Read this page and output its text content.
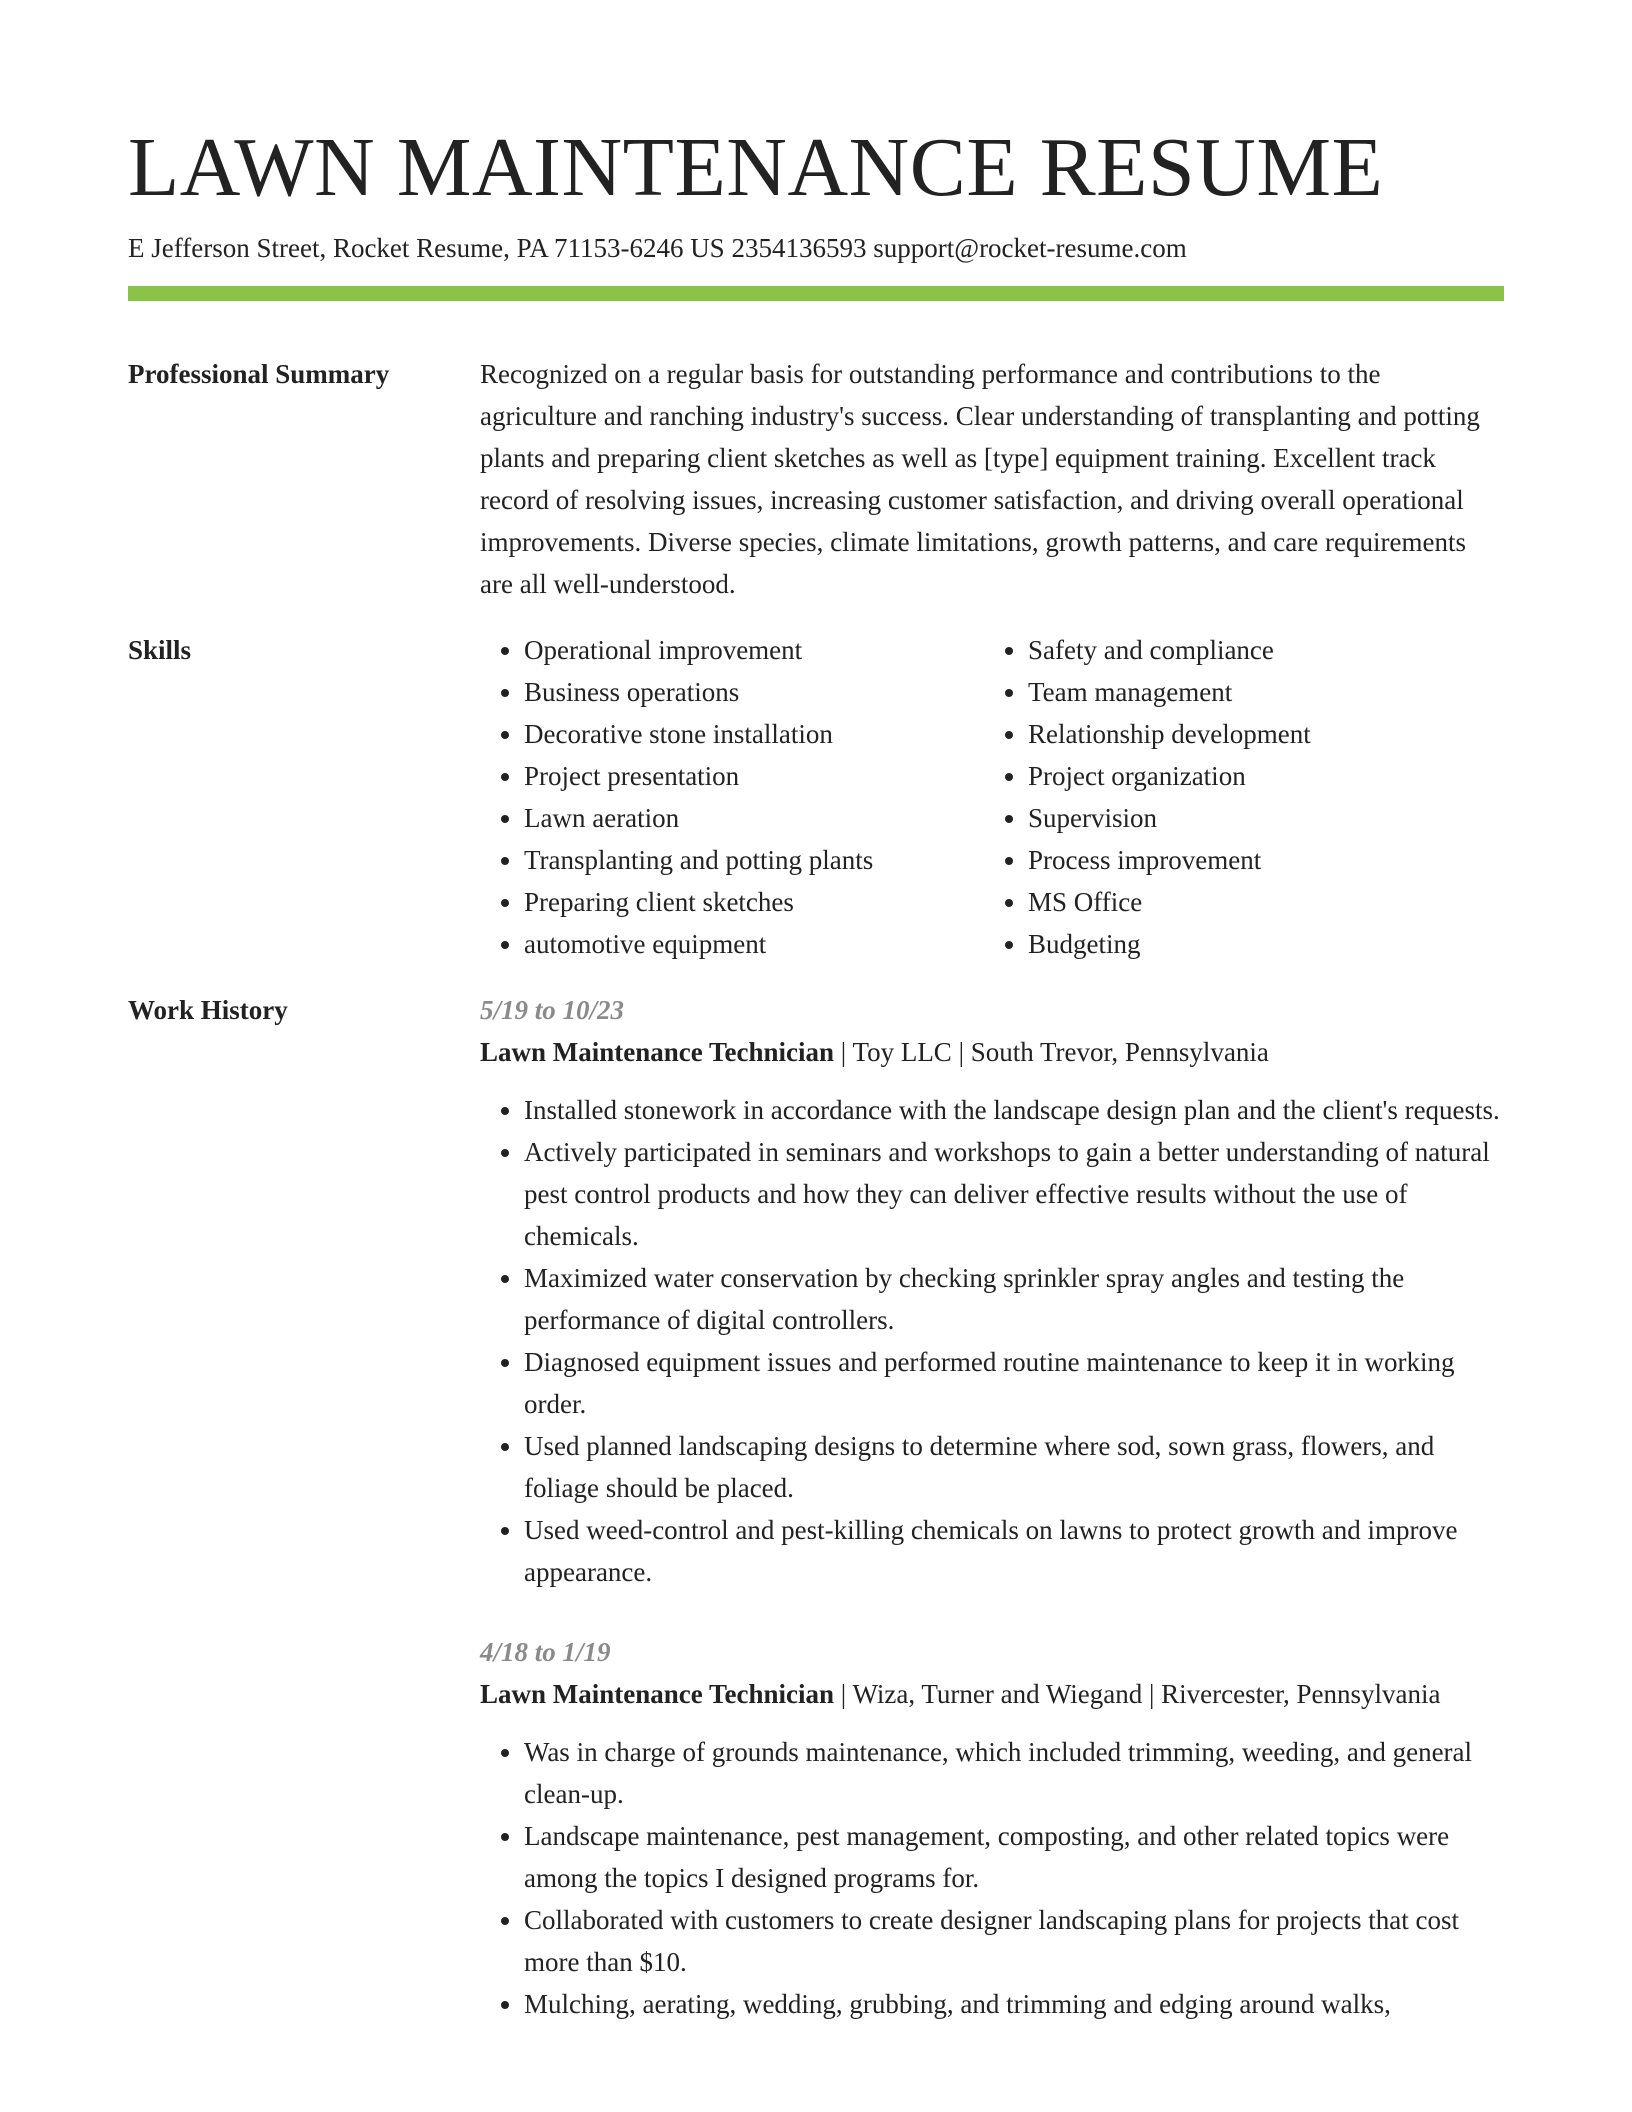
LAWN MAINTENANCE RESUME
E Jefferson Street, Rocket Resume, PA 71153-6246 US 2354136593 support@rocket-resume.com
Professional Summary	Recognized on a regular basis for outstanding performance and contributions to the agriculture and ranching industry's success. Clear understanding of transplanting and potting plants and preparing client sketches as well as [type] equipment training. Excellent track record of resolving issues, increasing customer satisfaction, and driving overall operational improvements. Diverse species, climate limitations, growth patterns, and care requirements are all well-understood.

Skills
•	Operational improvement
• Business operations
• Decorative stone installation
• Project presentation
• Lawn aeration
• Transplanting and potting plants
• Preparing client sketches
• automotive equipment
• Safety and compliance
• Team management
• Relationship development
• Project organization
• Supervision
• Process improvement
• MS Office
• Budgeting
Work History	5/19 to 10/23
Lawn Maintenance Technician | Toy LLC | South Trevor, Pennsylvania
• Installed stonework in accordance with the landscape design plan and the client's requests.
• Actively participated in seminars and workshops to gain a better understanding of natural pest control products and how they can deliver effective results without the use of chemicals.
• Maximized water conservation by checking sprinkler spray angles and testing the performance of digital controllers.
• Diagnosed equipment issues and performed routine maintenance to keep it in working order.
• Used planned landscaping designs to determine where sod, sown grass, flowers, and foliage should be placed.
• Used weed-control and pest-killing chemicals on lawns to protect growth and improve appearance.
4/18 to 1/19
Lawn Maintenance Technician | Wiza, Turner and Wiegand | Rivercester, Pennsylvania
• Was in charge of grounds maintenance, which included trimming, weeding, and general clean-up.
• Landscape maintenance, pest management, composting, and other related topics were among the topics I designed programs for.
• Collaborated with customers to create designer landscaping plans for projects that cost more than $10.
• Mulching, aerating, wedding, grubbing, and trimming and edging around walks,
